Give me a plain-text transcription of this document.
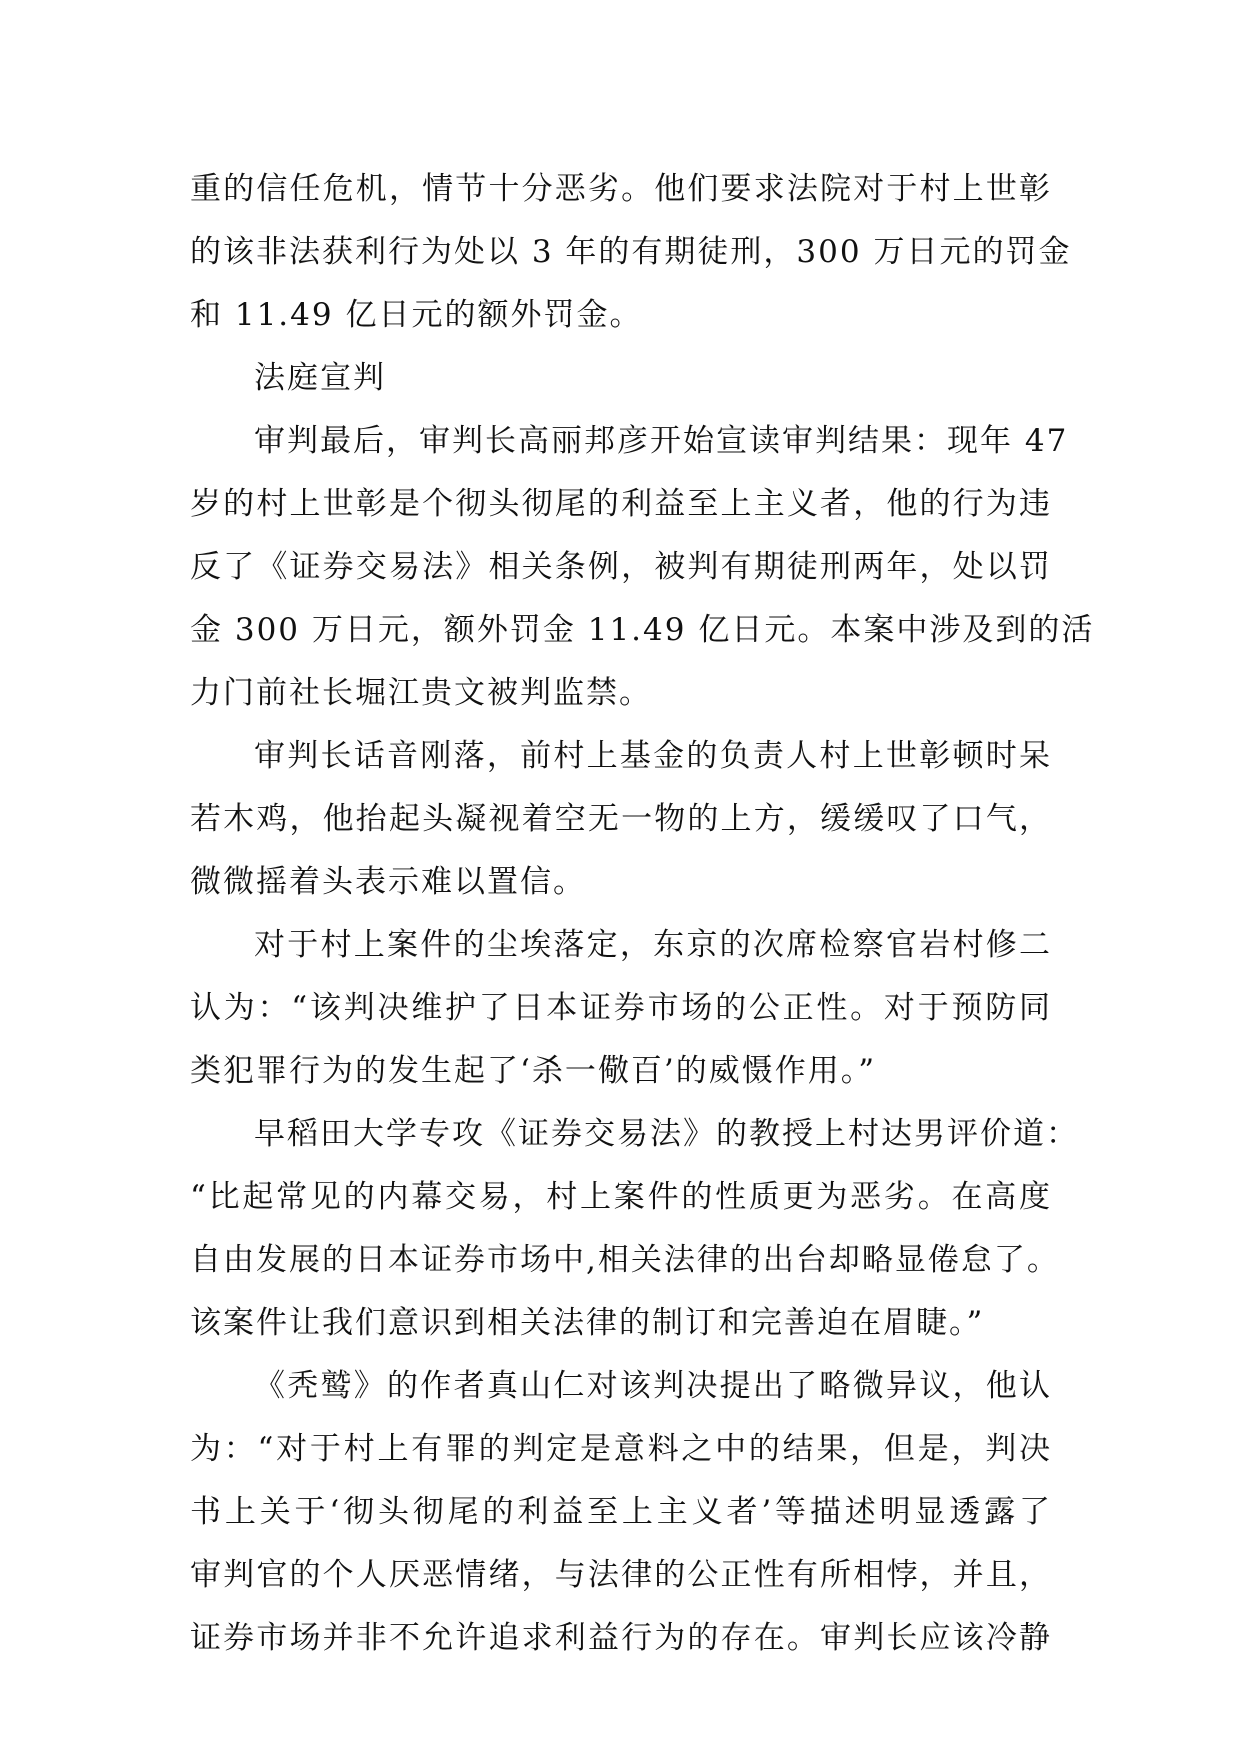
重的信任危机，情节十分恶劣。他们要求法院对于村上世彰
的该非法获利行为处以 3 年的有期徒刑，300 万日元的罚金
和 11.49 亿日元的额外罚金。
法庭宣判
审判最后，审判长高丽邦彦开始宣读审判结果：现年 47
岁的村上世彰是个彻头彻尾的利益至上主义者，他的行为违
反了《证券交易法》相关条例，被判有期徒刑两年，处以罚
金 300 万日元，额外罚金 11.49 亿日元。本案中涉及到的活
力门前社长堀江贵文被判监禁。
审判长话音刚落，前村上基金的负责人村上世彰顿时呆
若木鸡，他抬起头凝视着空无一物的上方，缓缓叹了口气，
微微摇着头表示难以置信。
对于村上案件的尘埃落定，东京的次席检察官岩村修二
认为：“该判决维护了日本证券市场的公正性。对于预防同
类犯罪行为的发生起了‘杀一儆百’的威慑作用。”
早稻田大学专攻《证券交易法》的教授上村达男评价道：
“比起常见的内幕交易，村上案件的性质更为恶劣。在高度
自由发展的日本证券市场中,相关法律的出台却略显倦怠了。
该案件让我们意识到相关法律的制订和完善迫在眉睫。”
《秃鹫》的作者真山仁对该判决提出了略微异议，他认
为：“对于村上有罪的判定是意料之中的结果，但是，判决
书上关于‘彻头彻尾的利益至上主义者’等描述明显透露了
审判官的个人厌恶情绪，与法律的公正性有所相悖，并且，
证券市场并非不允许追求利益行为的存在。审判长应该冷静
